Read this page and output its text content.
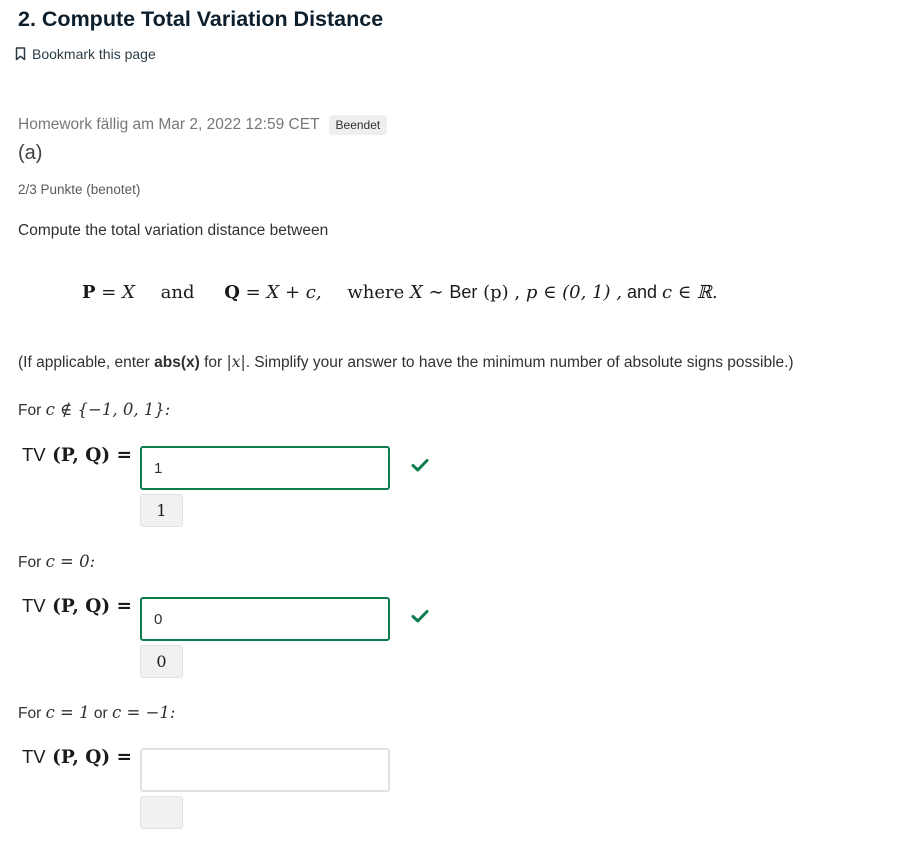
2. Compute Total Variation Distance
Bookmark this page
Homework fällig am Mar 2, 2022 12:59 CET	Beendet
(a)
2/3 Punkte (benotet)
Compute the total variation distance between
P = X and Q = X + c, where X ∼ Ber (p) , p ∈ (0, 1) , and c ∈ ℝ.
(If applicable, enter abs(x) for |x|. Simplify your answer to have the minimum number of absolute signs possible.)
For c ∉ {−1, 0, 1}:
TV (P, Q) =
1
1
For c = 0:
TV (P, Q) =
0
0
For c = 1 or c = −1:
TV (P, Q) =
